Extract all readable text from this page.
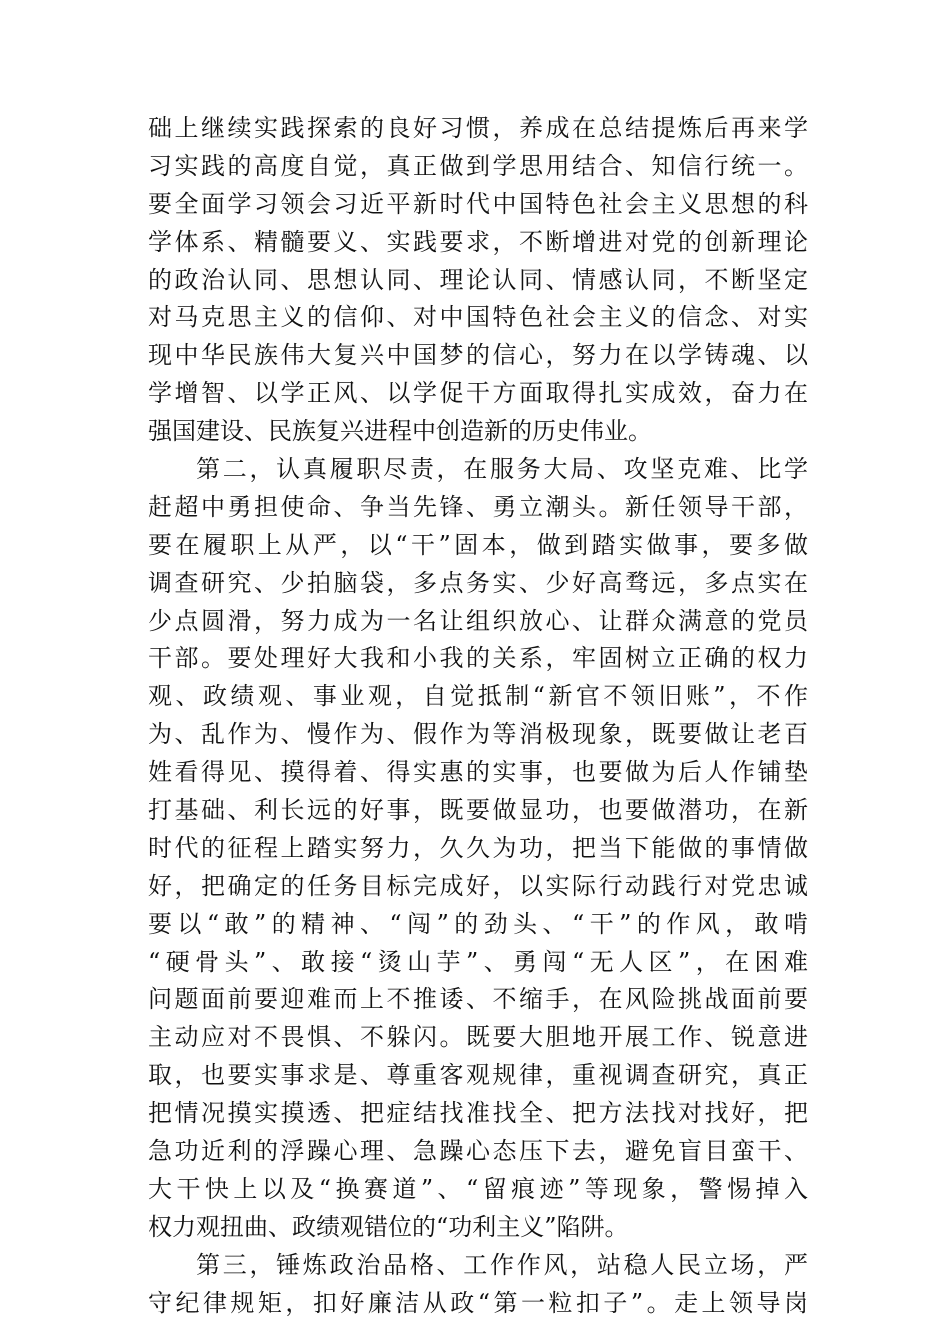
础上继续实践探索的良好习惯，养成在总结提炼后再来学
习实践的高度自觉，真正做到学思用结合、知信行统一。
要全面学习领会习近平新时代中国特色社会主义思想的科
学体系、精髓要义、实践要求，不断增进对党的创新理论
的政治认同、思想认同、理论认同、情感认同，不断坚定
对马克思主义的信仰、对中国特色社会主义的信念、对实
现中华民族伟大复兴中国梦的信心，努力在以学铸魂、以
学增智、以学正风、以学促干方面取得扎实成效，奋力在
强国建设、民族复兴进程中创造新的历史伟业。
第二，认真履职尽责，在服务大局、攻坚克难、比学
赶超中勇担使命、争当先锋、勇立潮头。新任领导干部，
要在履职上从严，以“干”固本，做到踏实做事，要多做
调查研究、少拍脑袋，多点务实、少好高骛远，多点实在
少点圆滑，努力成为一名让组织放心、让群众满意的党员
干部。要处理好大我和小我的关系，牢固树立正确的权力
观、政绩观、事业观，自觉抵制“新官不领旧账”，不作
为、乱作为、慢作为、假作为等消极现象，既要做让老百
姓看得见、摸得着、得实惠的实事，也要做为后人作铺垫
打基础、利长远的好事，既要做显功，也要做潜功，在新
时代的征程上踏实努力，久久为功，把当下能做的事情做
好，把确定的任务目标完成好，以实际行动践行对党忠诚
要以“敢”的精神、“闯”的劲头、“干”的作风，敢啃
“硬骨头”、敢接“烫山芋”、勇闯“无人区”，在困难
问题面前要迎难而上不推诿、不缩手，在风险挑战面前要
主动应对不畏惧、不躲闪。既要大胆地开展工作、锐意进
取，也要实事求是、尊重客观规律，重视调查研究，真正
把情况摸实摸透、把症结找准找全、把方法找对找好，把
急功近利的浮躁心理、急躁心态压下去，避免盲目蛮干、
大干快上以及“换赛道”、“留痕迹”等现象，警惕掉入
权力观扭曲、政绩观错位的“功利主义”陷阱。
第三，锤炼政治品格、工作作风，站稳人民立场，严
守纪律规矩，扣好廉洁从政“第一粒扣子”。走上领导岗
